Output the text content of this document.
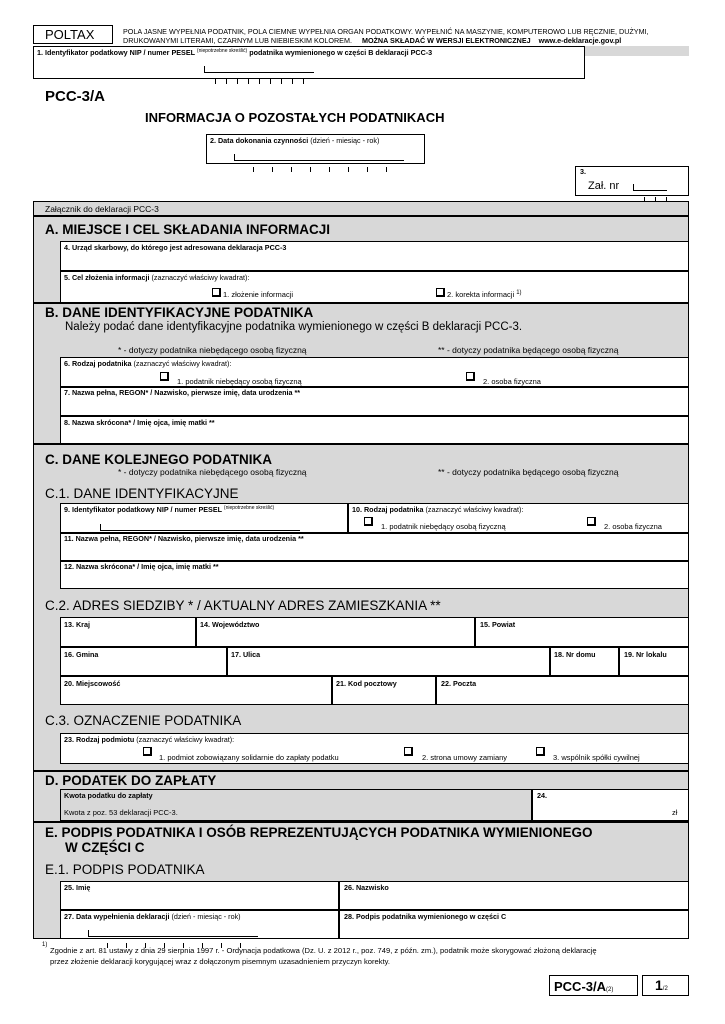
POLTAX	POLA JASNE WYPEŁNIA PODATNIK, POLA CIEMNE WYPEŁNIA ORGAN PODATKOWY. WYPEŁNIĆ NA MASZYNIE, KOMPUTEROWO LUB RĘCZNIE, DUŻYMI,
DRUKOWANYMI LITERAMI, CZARNYM LUB NIEBIESKIM KOLOREM. MOŻNA SKŁADAĆ W WERSJI ELEKTRONICZNEJ www.e-deklaracje.gov.pl
1. Identyfikator podatkowy NIP / numer PESEL $^{(niepotrzebne skreślić)}$ podatnika wymienionego w części B deklaracji PCC-3
PCC-3/A
INFORMACJA O POZOSTAŁYCH PODATNIKACH
2. Data dokonania czynności (dzień - miesiąc - rok)
3.
Zał. nr
Załącznik do deklaracji PCC-3
A. MIEJSCE I CEL SKŁADANIA INFORMACJI
4. Urząd skarbowy, do którego jest adresowana deklaracja PCC-3
5. Cel złożenia informacji (zaznaczyć właściwy kwadrat):
1. złożenie informacji	2. korekta informacji $^{1)}$
B. DANE IDENTYFIKACYJNE PODATNIKA
Należy podać dane identyfikacyjne podatnika wymienionego w części B deklaracji PCC-3.
* - dotyczy podatnika niebędącego osobą fizyczną	** - dotyczy podatnika będącego osobą fizyczną
6. Rodzaj podatnika (zaznaczyć właściwy kwadrat):
1. podatnik niebędący osobą fizyczną	2. osoba fizyczna
7. Nazwa pełna, REGON* / Nazwisko, pierwsze imię, data urodzenia **
8. Nazwa skrócona* / Imię ojca, imię matki **
C. DANE KOLEJNEGO PODATNIKA
* - dotyczy podatnika niebędącego osobą fizyczną	** - dotyczy podatnika będącego osobą fizyczną
C.1. DANE IDENTYFIKACYJNE
9. Identyfikator podatkowy NIP / numer PESEL $^{(niepotrzebne skreślić)}$	10. Rodzaj podatnika (zaznaczyć właściwy kwadrat):
1. podatnik niebędący osobą fizyczną	2. osoba fizyczna
11. Nazwa pełna, REGON* / Nazwisko, pierwsze imię, data urodzenia **
12. Nazwa skrócona* / Imię ojca, imię matki **
C.2. ADRES SIEDZIBY * / AKTUALNY ADRES ZAMIESZKANIA **
13. Kraj	14. Województwo	15. Powiat
16. Gmina	17. Ulica	18. Nr domu	19. Nr lokalu
20. Miejscowość	21. Kod pocztowy	22. Poczta
C.3. OZNACZENIE PODATNIKA
23. Rodzaj podmiotu (zaznaczyć właściwy kwadrat):
1. podmiot zobowiązany solidarnie do zapłaty podatku	2. strona umowy zamiany	3. wspólnik spółki cywilnej
D. PODATEK DO ZAPŁATY
Kwota podatku do zapłaty
Kwota z poz. 53 deklaracji PCC-3.
24.
zł
E. PODPIS PODATNIKA I OSÓB REPREZENTUJĄCYCH PODATNIKA WYMIENIONEGO
W CZĘŚCI C
E.1. PODPIS PODATNIKA
25. Imię	26. Nazwisko
27. Data wypełnienia deklaracji (dzień - miesiąc - rok)	28. Podpis podatnika wymienionego w części C
1)
Zgodnie z art. 81 ustawy z dnia 29 sierpnia 1997 r. - Ordynacja podatkowa (Dz. U. z 2012 r., poz. 749, z późn. zm.), podatnik może skorygować złożoną deklarację
przez złożenie deklaracji korygującej wraz z dołączonym pisemnym uzasadnieniem przyczyn korekty.
PCC-3/A(2)	1/2
